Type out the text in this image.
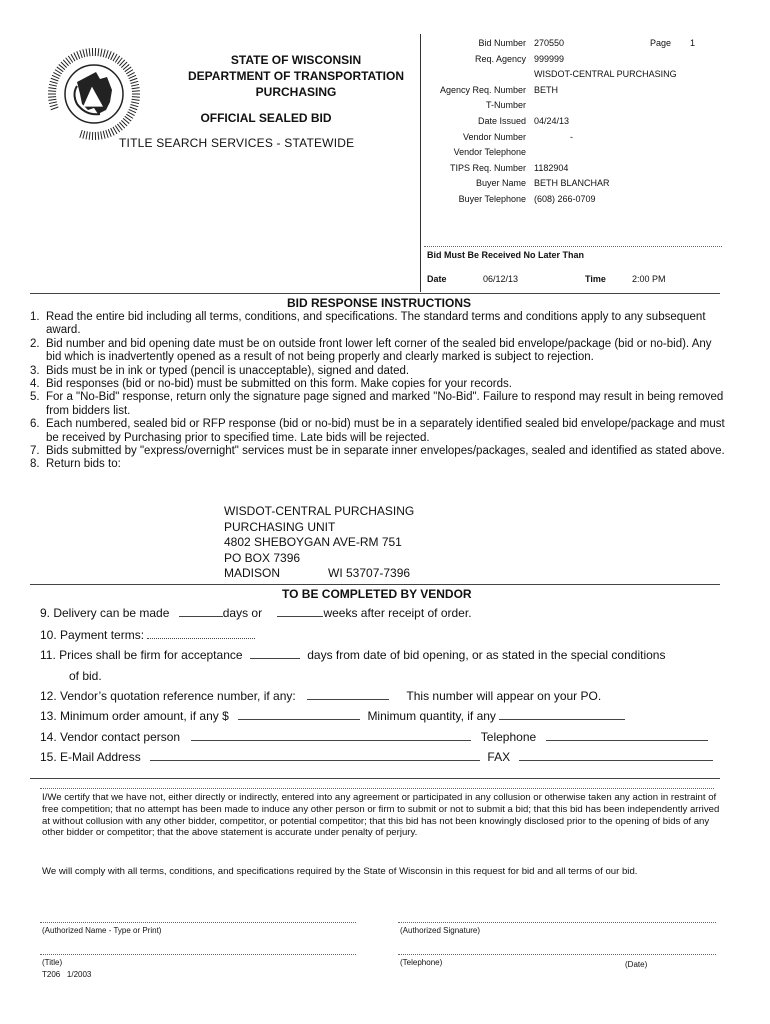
STATE OF WISCONSIN
DEPARTMENT OF TRANSPORTATION
PURCHASING
OFFICIAL SEALED BID
TITLE SEARCH SERVICES - STATEWIDE
Bid Number 270550
Req. Agency 999999
WISDOT-CENTRAL PURCHASING
Agency Req. Number BETH
T-Number
Date Issued 04/24/13
Vendor Number	-
Vendor Telephone
TIPS Req. Number 1182904
Buyer Name BETH BLANCHAR
Buyer Telephone (608) 266-0709
Page 1
Bid Must Be Received No Later Than
Date	06/12/13	Time	2:00 PM
BID RESPONSE INSTRUCTIONS
1. Read the entire bid including all terms, conditions, and specifications. The standard terms and conditions apply to any subsequent award.
2. Bid number and bid opening date must be on outside front lower left corner of the sealed bid envelope/package (bid or no-bid). Any bid which is inadvertently opened as a result of not being properly and clearly marked is subject to rejection.
3. Bids must be in ink or typed (pencil is unacceptable), signed and dated.
4. Bid responses (bid or no-bid) must be submitted on this form. Make copies for your records.
5. For a "No-Bid" response, return only the signature page signed and marked "No-Bid". Failure to respond may result in being removed from bidders list.
6. Each numbered, sealed bid or RFP response (bid or no-bid) must be in a separately identified sealed bid envelope/package and must be received by Purchasing prior to specified time. Late bids will be rejected.
7. Bids submitted by "express/overnight" services must be in separate inner envelopes/packages, sealed and identified as stated above.
8. Return bids to:
WISDOT-CENTRAL PURCHASING
PURCHASING UNIT
4802 SHEBOYGAN AVE-RM 751
PO BOX 7396
MADISON	WI 53707-7396
TO BE COMPLETED BY VENDOR
9. Delivery can be made	days or	weeks after receipt of order.
10. Payment terms:
11. Prices shall be firm for acceptance	days from date of bid opening, or as stated in the special conditions
of bid.
12. Vendor’s quotation reference number, if any:	This number will appear on your PO.
13. Minimum order amount, if any $	Minimum quantity, if any
14. Vendor contact person	Telephone
15. E-Mail Address	FAX
I/We certify that we have not, either directly or indirectly, entered into any agreement or participated in any collusion or otherwise taken any action in restraint of free competition; that no attempt has been made to induce any other person or firm to submit or not to submit a bid; that this bid has been independently arrived at without collusion with any other bidder, competitor, or potential competitor; that this bid has not been knowingly disclosed prior to the opening of bids of any other bidder or competitor; that the above statement is accurate under penalty of perjury.
We will comply with all terms, conditions, and specifications required by the State of Wisconsin in this request for bid and all terms of our bid.
(Authorized Name - Type or Print)	(Authorized Signature)
(Title)	(Telephone)	(Date)
T206 1/2003
